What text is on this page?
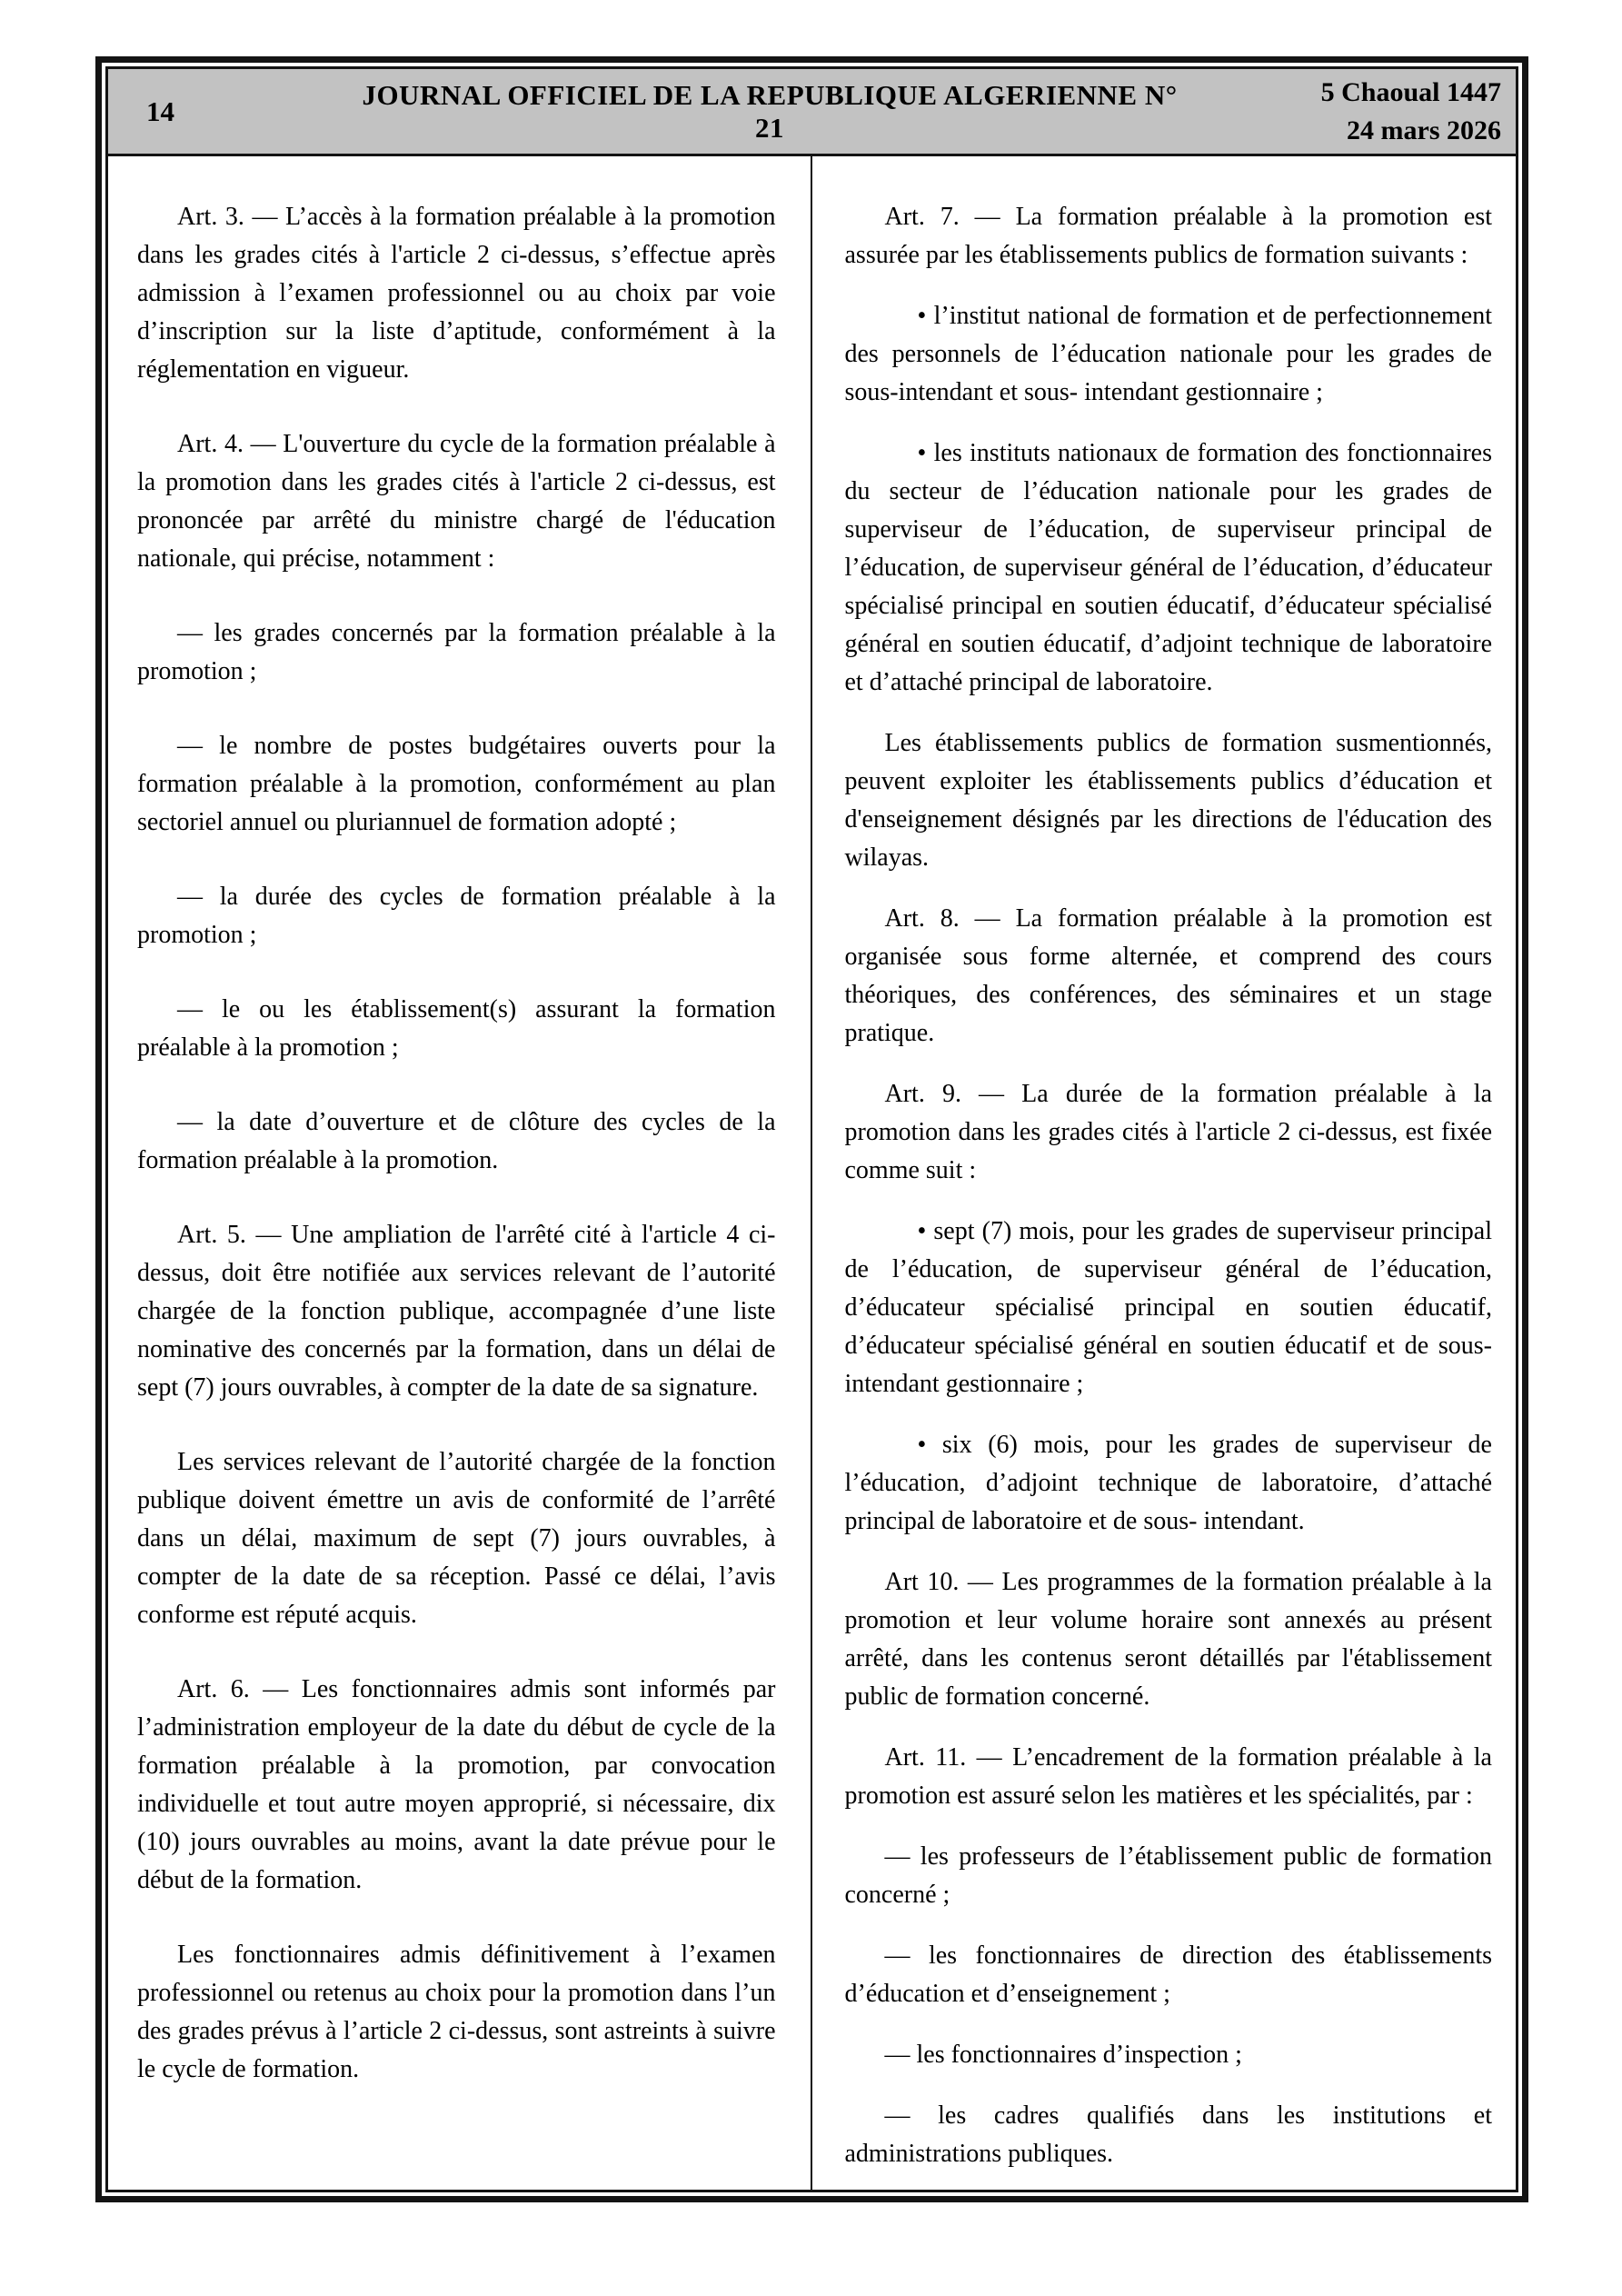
14
JOURNAL OFFICIEL DE LA REPUBLIQUE ALGERIENNE N° 21
5 Chaoual 1447
24 mars 2026

Art. 3. — L’accès à la formation préalable à la promotion dans les grades cités à l'article 2 ci-dessus, s’effectue après admission à l’examen professionnel ou au choix par voie d’inscription sur la liste d’aptitude, conformément à la réglementation en vigueur.

Art. 4. — L'ouverture du cycle de la formation préalable à la promotion dans les grades cités à l'article 2 ci-dessus, est prononcée par arrêté du ministre chargé de l'éducation nationale, qui précise, notamment :

— les grades concernés par la formation préalable à la promotion ;

— le nombre de postes budgétaires ouverts pour la formation préalable à la promotion, conformément au plan sectoriel annuel ou pluriannuel de formation adopté ;

— la durée des cycles de formation préalable à la promotion ;

— le ou les établissement(s) assurant la formation préalable à la promotion ;

— la date d’ouverture et de clôture des cycles de la formation préalable à la promotion.

Art. 5. — Une ampliation de l'arrêté cité à l'article 4 ci-dessus, doit être notifiée aux services relevant de l’autorité chargée de la fonction publique, accompagnée d’une liste nominative des concernés par la formation, dans un délai de sept (7) jours ouvrables, à compter de la date de sa signature.

Les services relevant de l’autorité chargée de la fonction publique doivent émettre un avis de conformité de l’arrêté dans un délai, maximum de sept (7) jours ouvrables, à compter de la date de sa réception. Passé ce délai, l’avis conforme est réputé acquis.

Art. 6. — Les fonctionnaires admis sont informés par l’administration employeur de la date du début de cycle de la formation préalable à la promotion, par convocation individuelle et tout autre moyen approprié, si nécessaire, dix (10) jours ouvrables au moins, avant la date prévue pour le début de la formation.

Les fonctionnaires admis définitivement à l’examen professionnel ou retenus au choix pour la promotion dans l’un des grades prévus à l’article 2 ci-dessus, sont astreints à suivre le cycle de formation.

Art. 7. — La formation préalable à la promotion est assurée par les établissements publics de formation suivants :

• l’institut national de formation et de perfectionnement des personnels de l’éducation nationale pour les grades de sous-intendant et sous- intendant gestionnaire ;

• les instituts nationaux de formation des fonctionnaires du secteur de l’éducation nationale pour les grades de superviseur de l’éducation, de superviseur principal de l’éducation, de superviseur général de l’éducation, d’éducateur spécialisé principal en soutien éducatif, d’éducateur spécialisé général en soutien éducatif, d’adjoint technique de laboratoire et d’attaché principal de laboratoire.

Les établissements publics de formation susmentionnés, peuvent exploiter les établissements publics d’éducation et d'enseignement désignés par les directions de l'éducation des wilayas.

Art. 8. — La formation préalable à la promotion est organisée sous forme alternée, et comprend des cours théoriques, des conférences, des séminaires et un stage pratique.

Art. 9. — La durée de la formation préalable à la promotion dans les grades cités à l'article 2 ci-dessus, est fixée comme suit :

• sept (7) mois, pour les grades de superviseur principal de l’éducation, de superviseur général de l’éducation, d’éducateur spécialisé principal en soutien éducatif, d’éducateur spécialisé général en soutien éducatif et de sous-intendant gestionnaire ;

• six (6) mois, pour les grades de superviseur de l’éducation, d’adjoint technique de laboratoire, d’attaché principal de laboratoire et de sous- intendant.

Art 10. — Les programmes de la formation préalable à la promotion et leur volume horaire sont annexés au présent arrêté, dans les contenus seront détaillés par l'établissement public de formation concerné.

Art. 11. — L’encadrement de la formation préalable à la promotion est assuré selon les matières et les spécialités, par :

— les professeurs de l’établissement public de formation concerné ;

— les fonctionnaires de direction des établissements d’éducation et d’enseignement ;

— les fonctionnaires d’inspection ;

— les cadres qualifiés dans les institutions et administrations publiques.
